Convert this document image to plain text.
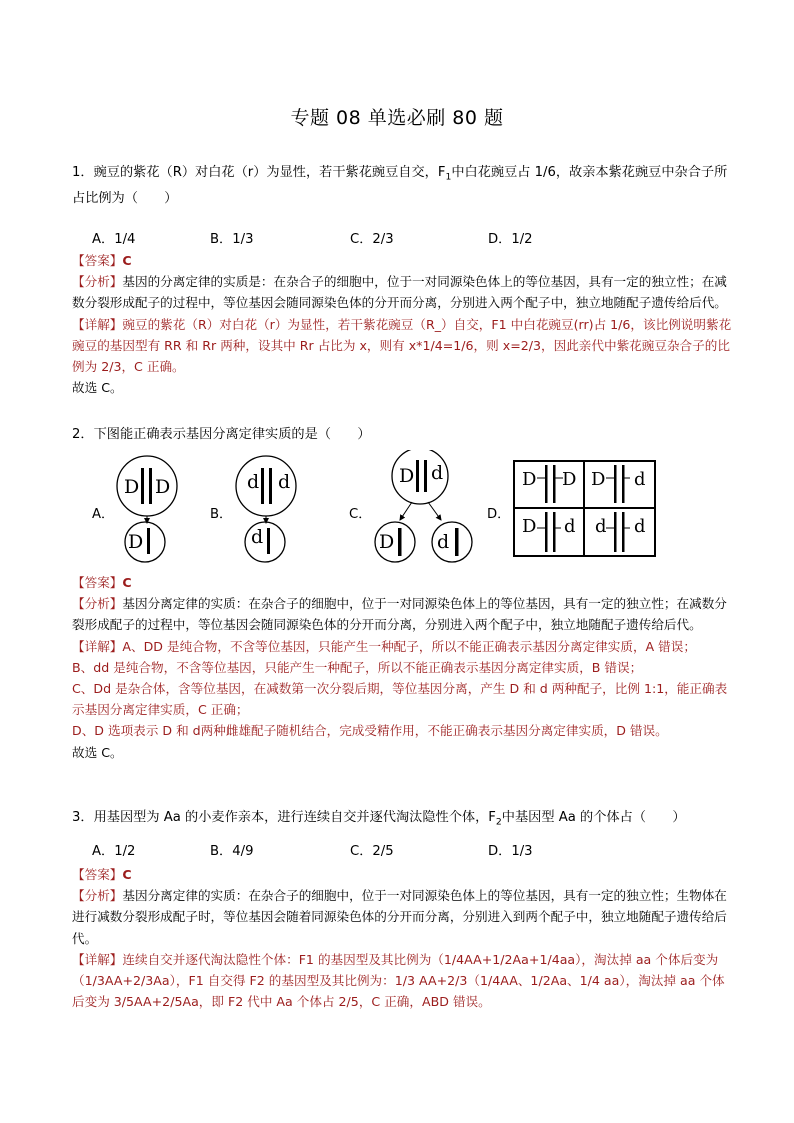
专题 08 单选必刷 80 题
1．豌豆的紫花（R）对白花（r）为显性，若干紫花豌豆自交，$F_1$中白花豌豆占 1/6，故亲本紫花豌豆中杂合子所占比例为（　　）
A．1/4	B．1/3	C．2/3	D．1/2
【答案】C
【分析】基因的分离定律的实质是：在杂合子的细胞中，位于一对同源染色体上的等位基因，具有一定的独立性；在减数分裂形成配子的过程中，等位基因会随同源染色体的分开而分离，分别进入两个配子中，独立地随配子遗传给后代。
【详解】豌豆的紫花（R）对白花（r）为显性，若干紫花豌豆（R_）自交，F1 中白花豌豆(rr)占 1/6，该比例说明紫花豌豆的基因型有 RR 和 Rr 两种，设其中 Rr 占比为 x，则有 x*1/4=1/6，则 x=2/3，因此亲代中紫花豌豆杂合子的比例为 2/3，C 正确。
故选 C。
2．下图能正确表示基因分离定律实质的是（　　）
A．	B．	C．	D．
D D
D
d d
d
D d
D d
D D D d
D d d d
【答案】C
【分析】基因分离定律的实质：在杂合子的细胞中，位于一对同源染色体上的等位基因，具有一定的独立性；在减数分裂形成配子的过程中，等位基因会随同源染色体的分开而分离，分别进入两个配子中，独立地随配子遗传给后代。
【详解】A、DD 是纯合物，不含等位基因，只能产生一种配子，所以不能正确表示基因分离定律实质，A 错误；
B、dd 是纯合物，不含等位基因，只能产生一种配子，所以不能正确表示基因分离定律实质，B 错误；
C、Dd 是杂合体，含等位基因，在减数第一次分裂后期，等位基因分离，产生 D 和 d 两种配子，比例 1:1，能正确表示基因分离定律实质，C 正确；
D、D 选项表示 D 和 d两种雌雄配子随机结合，完成受精作用，不能正确表示基因分离定律实质，D 错误。
故选 C。
3．用基因型为 Aa 的小麦作亲本，进行连续自交并逐代淘汰隐性个体，$F_2$中基因型 Aa 的个体占（　　）
A．1/2	B．4/9	C．2/5	D．1/3
【答案】C
【分析】基因分离定律的实质：在杂合子的细胞中，位于一对同源染色体上的等位基因，具有一定的独立性；生物体在进行减数分裂形成配子时，等位基因会随着同源染色体的分开而分离，分别进入到两个配子中，独立地随配子遗传给后代。
【详解】连续自交并逐代淘汰隐性个体：F1 的基因型及其比例为（1/4AA+1/2Aa+1/4aa），淘汰掉 aa 个体后变为（1/3AA+2/3Aa），F1 自交得 F2 的基因型及其比例为：1/3 AA+2/3（1/4AA、1/2Aa、1/4 aa），淘汰掉 aa 个体后变为 3/5AA+2/5Aa，即 F2 代中 Aa 个体占 2/5，C 正确，ABD 错误。
